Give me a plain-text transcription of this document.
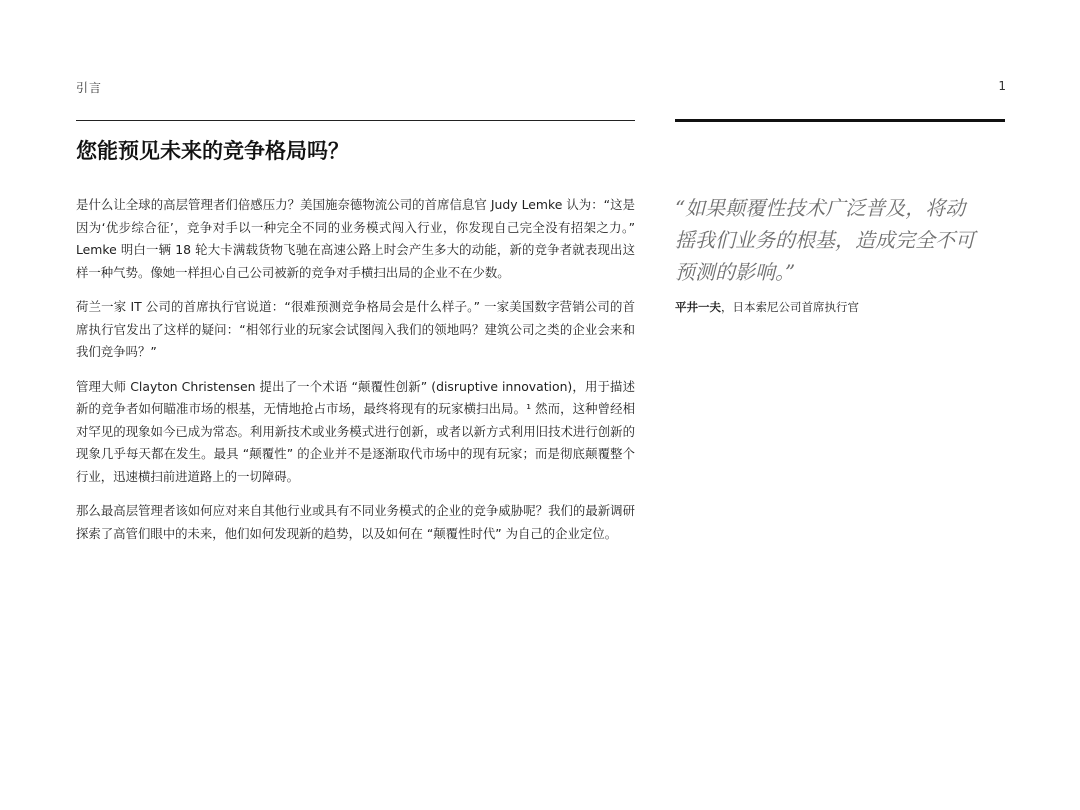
引言	1
您能预见未来的竞争格局吗？

是什么让全球的高层管理者们倍感压力？美国施奈德物流公司的首席信息官 Judy Lemke 认为：“这是因为‘优步综合征’，竞争对手以一种完全不同的业务模式闯入行业，你发现自己完全没有招架之力。” Lemke 明白一辆 18 轮大卡满载货物飞驰在高速公路上时会产生多大的动能，新的竞争者就表现出这样一种气势。像她一样担心自己公司被新的竞争对手横扫出局的企业不在少数。

荷兰一家 IT 公司的首席执行官说道：“很难预测竞争格局会是什么样子。” 一家美国数字营销公司的首席执行官发出了这样的疑问：“相邻行业的玩家会试图闯入我们的领地吗？建筑公司之类的企业会来和我们竞争吗？”

管理大师 Clayton Christensen 提出了一个术语 “颠覆性创新” (disruptive innovation)，用于描述新的竞争者如何瞄准市场的根基，无情地抢占市场，最终将现有的玩家横扫出局。¹ 然而，这种曾经相对罕见的现象如今已成为常态。利用新技术或业务模式进行创新，或者以新方式利用旧技术进行创新的现象几乎每天都在发生。最具 “颠覆性” 的企业并不是逐渐取代市场中的现有玩家；而是彻底颠覆整个行业，迅速横扫前进道路上的一切障碍。

那么最高层管理者该如何应对来自其他行业或具有不同业务模式的企业的竞争威胁呢？我们的最新调研探索了高管们眼中的未来，他们如何发现新的趋势，以及如何在 “颠覆性时代” 为自己的企业定位。

“如果颠覆性技术广泛普及，将动摇我们业务的根基，造成完全不可预测的影响。”
平井一夫，日本索尼公司首席执行官
